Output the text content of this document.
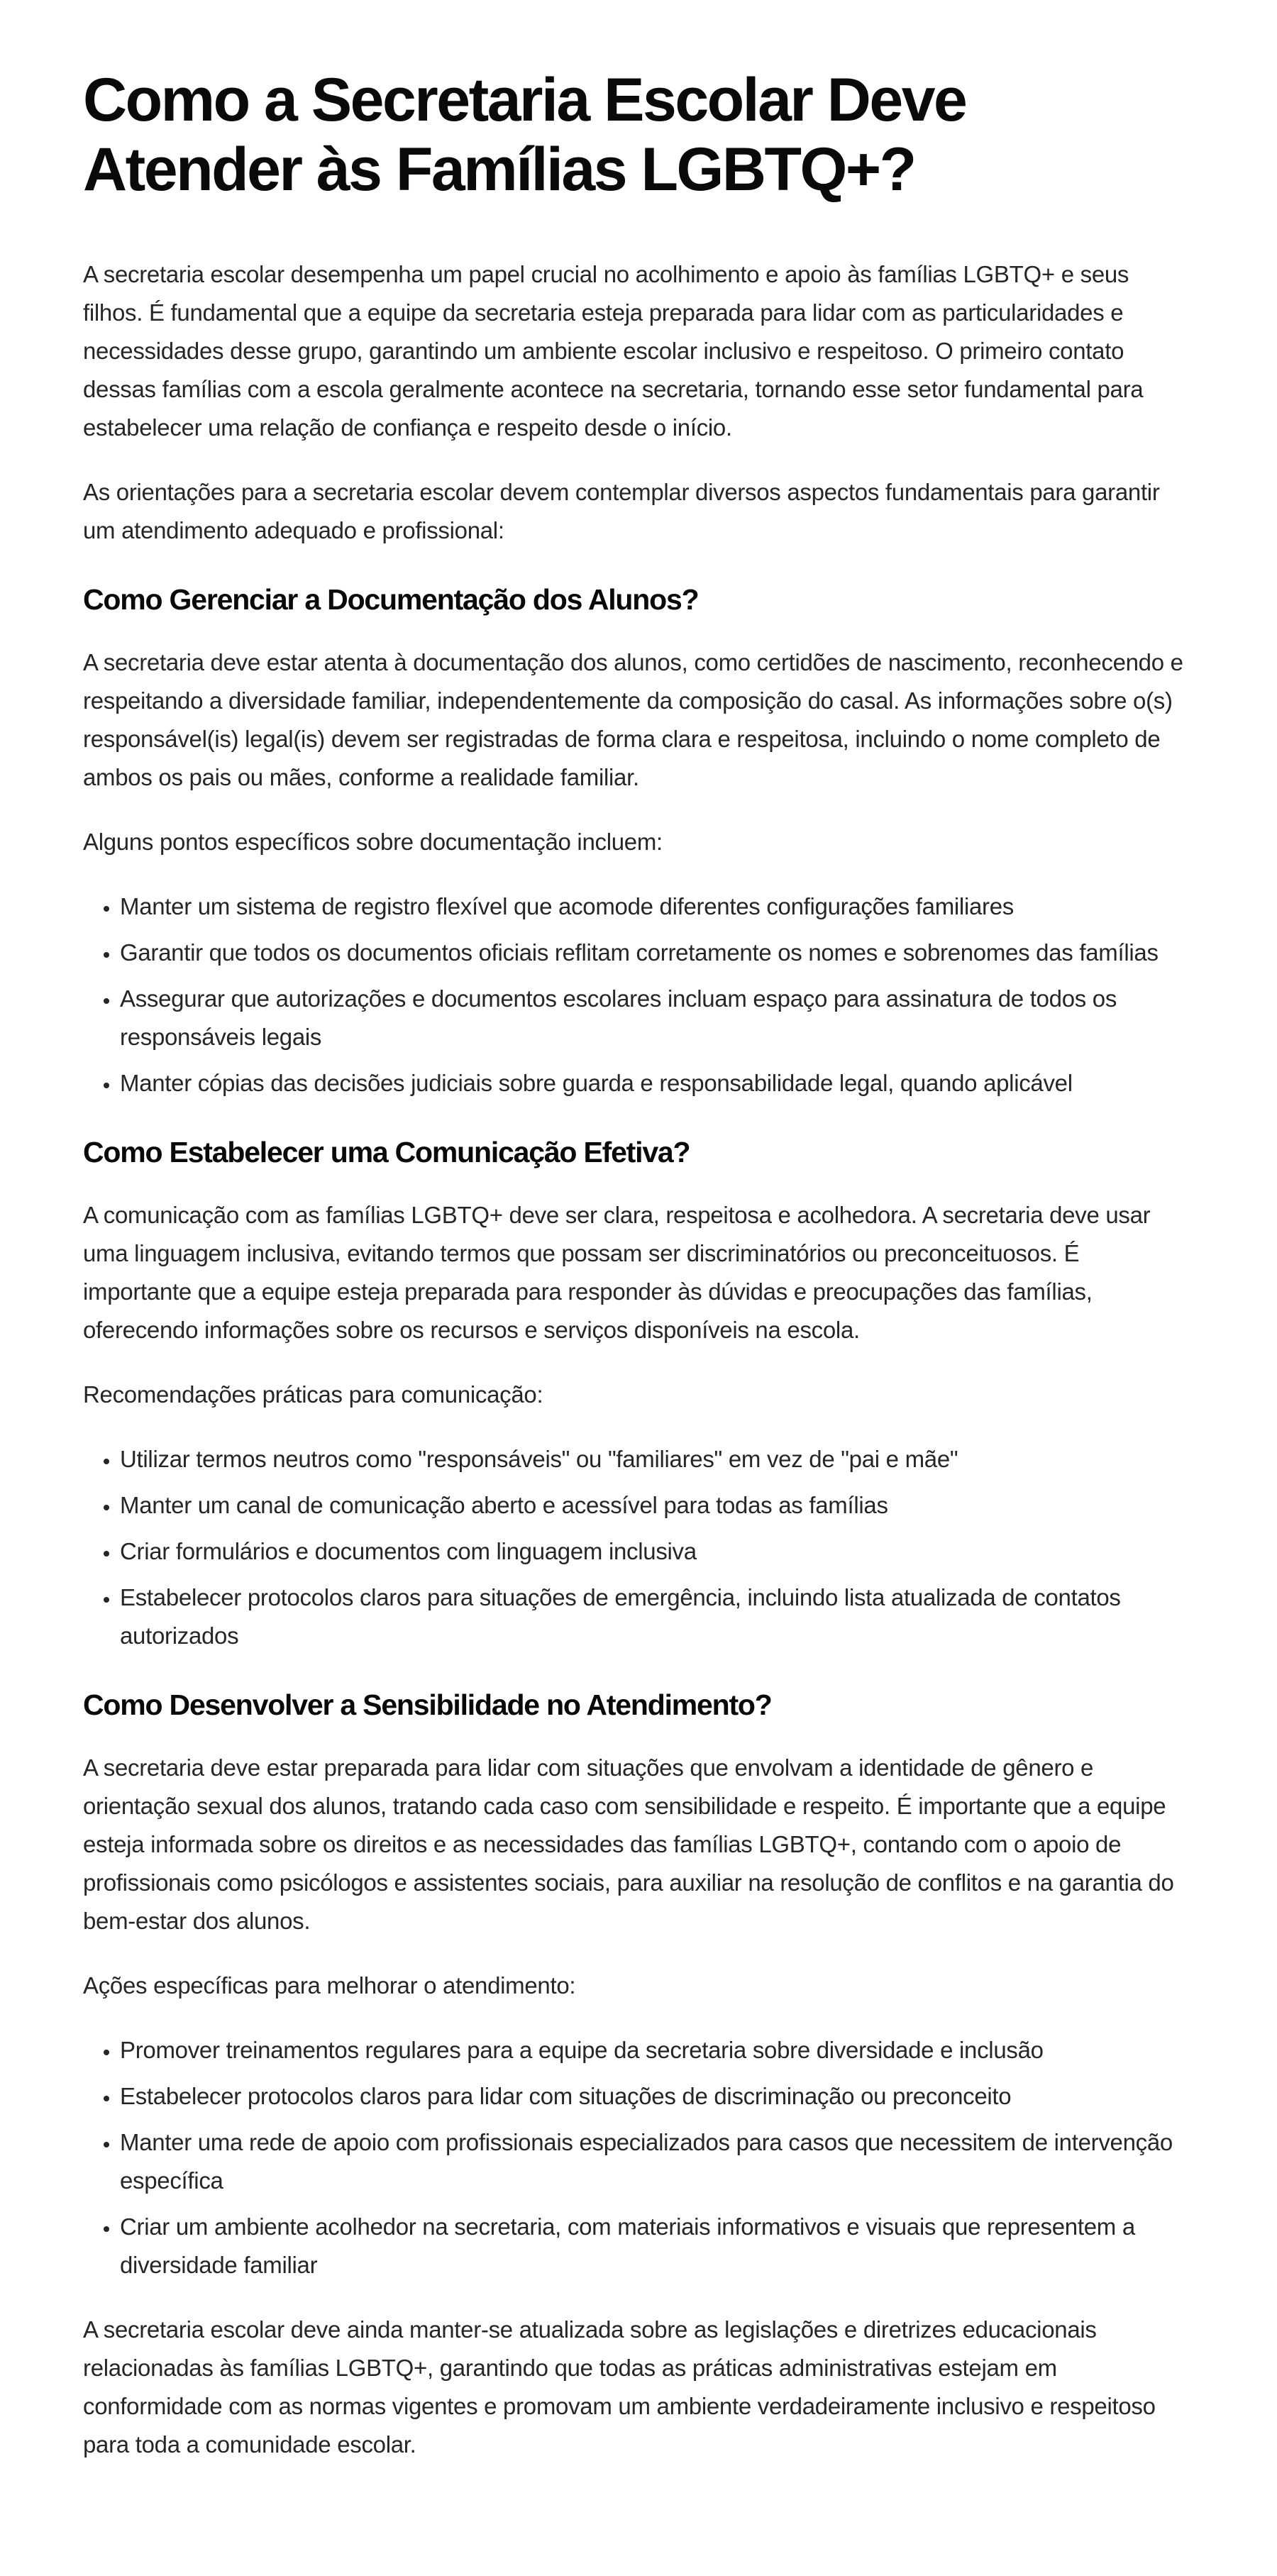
Como a Secretaria Escolar Deve Atender às Famílias LGBTQ+?

A secretaria escolar desempenha um papel crucial no acolhimento e apoio às famílias LGBTQ+ e seus filhos. É fundamental que a equipe da secretaria esteja preparada para lidar com as particularidades e necessidades desse grupo, garantindo um ambiente escolar inclusivo e respeitoso. O primeiro contato dessas famílias com a escola geralmente acontece na secretaria, tornando esse setor fundamental para estabelecer uma relação de confiança e respeito desde o início.

As orientações para a secretaria escolar devem contemplar diversos aspectos fundamentais para garantir um atendimento adequado e profissional:

Como Gerenciar a Documentação dos Alunos?

A secretaria deve estar atenta à documentação dos alunos, como certidões de nascimento, reconhecendo e respeitando a diversidade familiar, independentemente da composição do casal. As informações sobre o(s) responsável(is) legal(is) devem ser registradas de forma clara e respeitosa, incluindo o nome completo de ambos os pais ou mães, conforme a realidade familiar.

Alguns pontos específicos sobre documentação incluem:

• Manter um sistema de registro flexível que acomode diferentes configurações familiares
• Garantir que todos os documentos oficiais reflitam corretamente os nomes e sobrenomes das famílias
• Assegurar que autorizações e documentos escolares incluam espaço para assinatura de todos os responsáveis legais
• Manter cópias das decisões judiciais sobre guarda e responsabilidade legal, quando aplicável
Como Estabelecer uma Comunicação Efetiva?

A comunicação com as famílias LGBTQ+ deve ser clara, respeitosa e acolhedora. A secretaria deve usar uma linguagem inclusiva, evitando termos que possam ser discriminatórios ou preconceituosos. É importante que a equipe esteja preparada para responder às dúvidas e preocupações das famílias, oferecendo informações sobre os recursos e serviços disponíveis na escola.

Recomendações práticas para comunicação:

• Utilizar termos neutros como "responsáveis" ou "familiares" em vez de "pai e mãe"
• Manter um canal de comunicação aberto e acessível para todas as famílias
• Criar formulários e documentos com linguagem inclusiva
• Estabelecer protocolos claros para situações de emergência, incluindo lista atualizada de contatos autorizados
Como Desenvolver a Sensibilidade no Atendimento?

A secretaria deve estar preparada para lidar com situações que envolvam a identidade de gênero e orientação sexual dos alunos, tratando cada caso com sensibilidade e respeito. É importante que a equipe esteja informada sobre os direitos e as necessidades das famílias LGBTQ+, contando com o apoio de profissionais como psicólogos e assistentes sociais, para auxiliar na resolução de conflitos e na garantia do bem-estar dos alunos.

Ações específicas para melhorar o atendimento:

• Promover treinamentos regulares para a equipe da secretaria sobre diversidade e inclusão
• Estabelecer protocolos claros para lidar com situações de discriminação ou preconceito
• Manter uma rede de apoio com profissionais especializados para casos que necessitem de intervenção específica
• Criar um ambiente acolhedor na secretaria, com materiais informativos e visuais que representem a diversidade familiar

A secretaria escolar deve ainda manter-se atualizada sobre as legislações e diretrizes educacionais relacionadas às famílias LGBTQ+, garantindo que todas as práticas administrativas estejam em conformidade com as normas vigentes e promovam um ambiente verdadeiramente inclusivo e respeitoso para toda a comunidade escolar.
